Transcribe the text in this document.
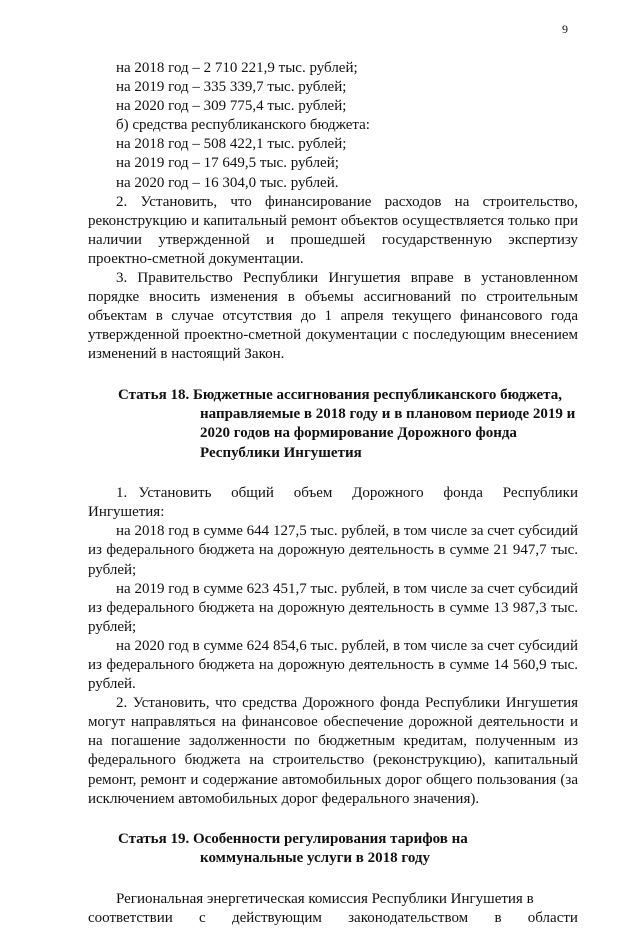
9
на 2018 год – 2 710 221,9 тыс. рублей;
на 2019 год – 335 339,7 тыс. рублей;
на 2020 год – 309 775,4 тыс. рублей;
б) средства республиканского бюджета:
на 2018 год – 508 422,1 тыс. рублей;
на 2019 год – 17 649,5 тыс. рублей;
на 2020 год – 16 304,0 тыс. рублей.
2. Установить, что финансирование расходов на строительство, реконструкцию и капитальный ремонт объектов осуществляется только при наличии утвержденной и прошедшей государственную экспертизу проектно-сметной документации.
3. Правительство Республики Ингушетия вправе в установленном порядке вносить изменения в объемы ассигнований по строительным объектам в случае отсутствия до 1 апреля текущего финансового года утвержденной проектно-сметной документации с последующим внесением изменений в настоящий Закон.
Статья 18. Бюджетные ассигнования республиканского бюджета,
направляемые в 2018 году и в плановом периоде 2019 и
2020 годов на формирование Дорожного фонда
Республики Ингушетия
1. Установить общий объем Дорожного фонда Республики
Ингушетия:
на 2018 год в сумме 644 127,5 тыс. рублей, в том числе за счет субсидий из федерального бюджета на дорожную деятельность в сумме 21 947,7 тыс. рублей;
на 2019 год в сумме 623 451,7 тыс. рублей, в том числе за счет субсидий из федерального бюджета на дорожную деятельность в сумме 13 987,3 тыс. рублей;
на 2020 год в сумме 624 854,6 тыс. рублей, в том числе за счет субсидий из федерального бюджета на дорожную деятельность в сумме 14 560,9 тыс. рублей.
2. Установить, что средства Дорожного фонда Республики Ингушетия могут направляться на финансовое обеспечение дорожной деятельности и на погашение задолженности по бюджетным кредитам, полученным из федерального бюджета на строительство (реконструкцию), капитальный ремонт, ремонт и содержание автомобильных дорог общего пользования (за исключением автомобильных дорог федерального значения).
Статья 19. Особенности регулирования тарифов на
коммунальные услуги в 2018 году
Региональная энергетическая комиссия Республики Ингушетия в
соответствии с действующим законодательством в области
